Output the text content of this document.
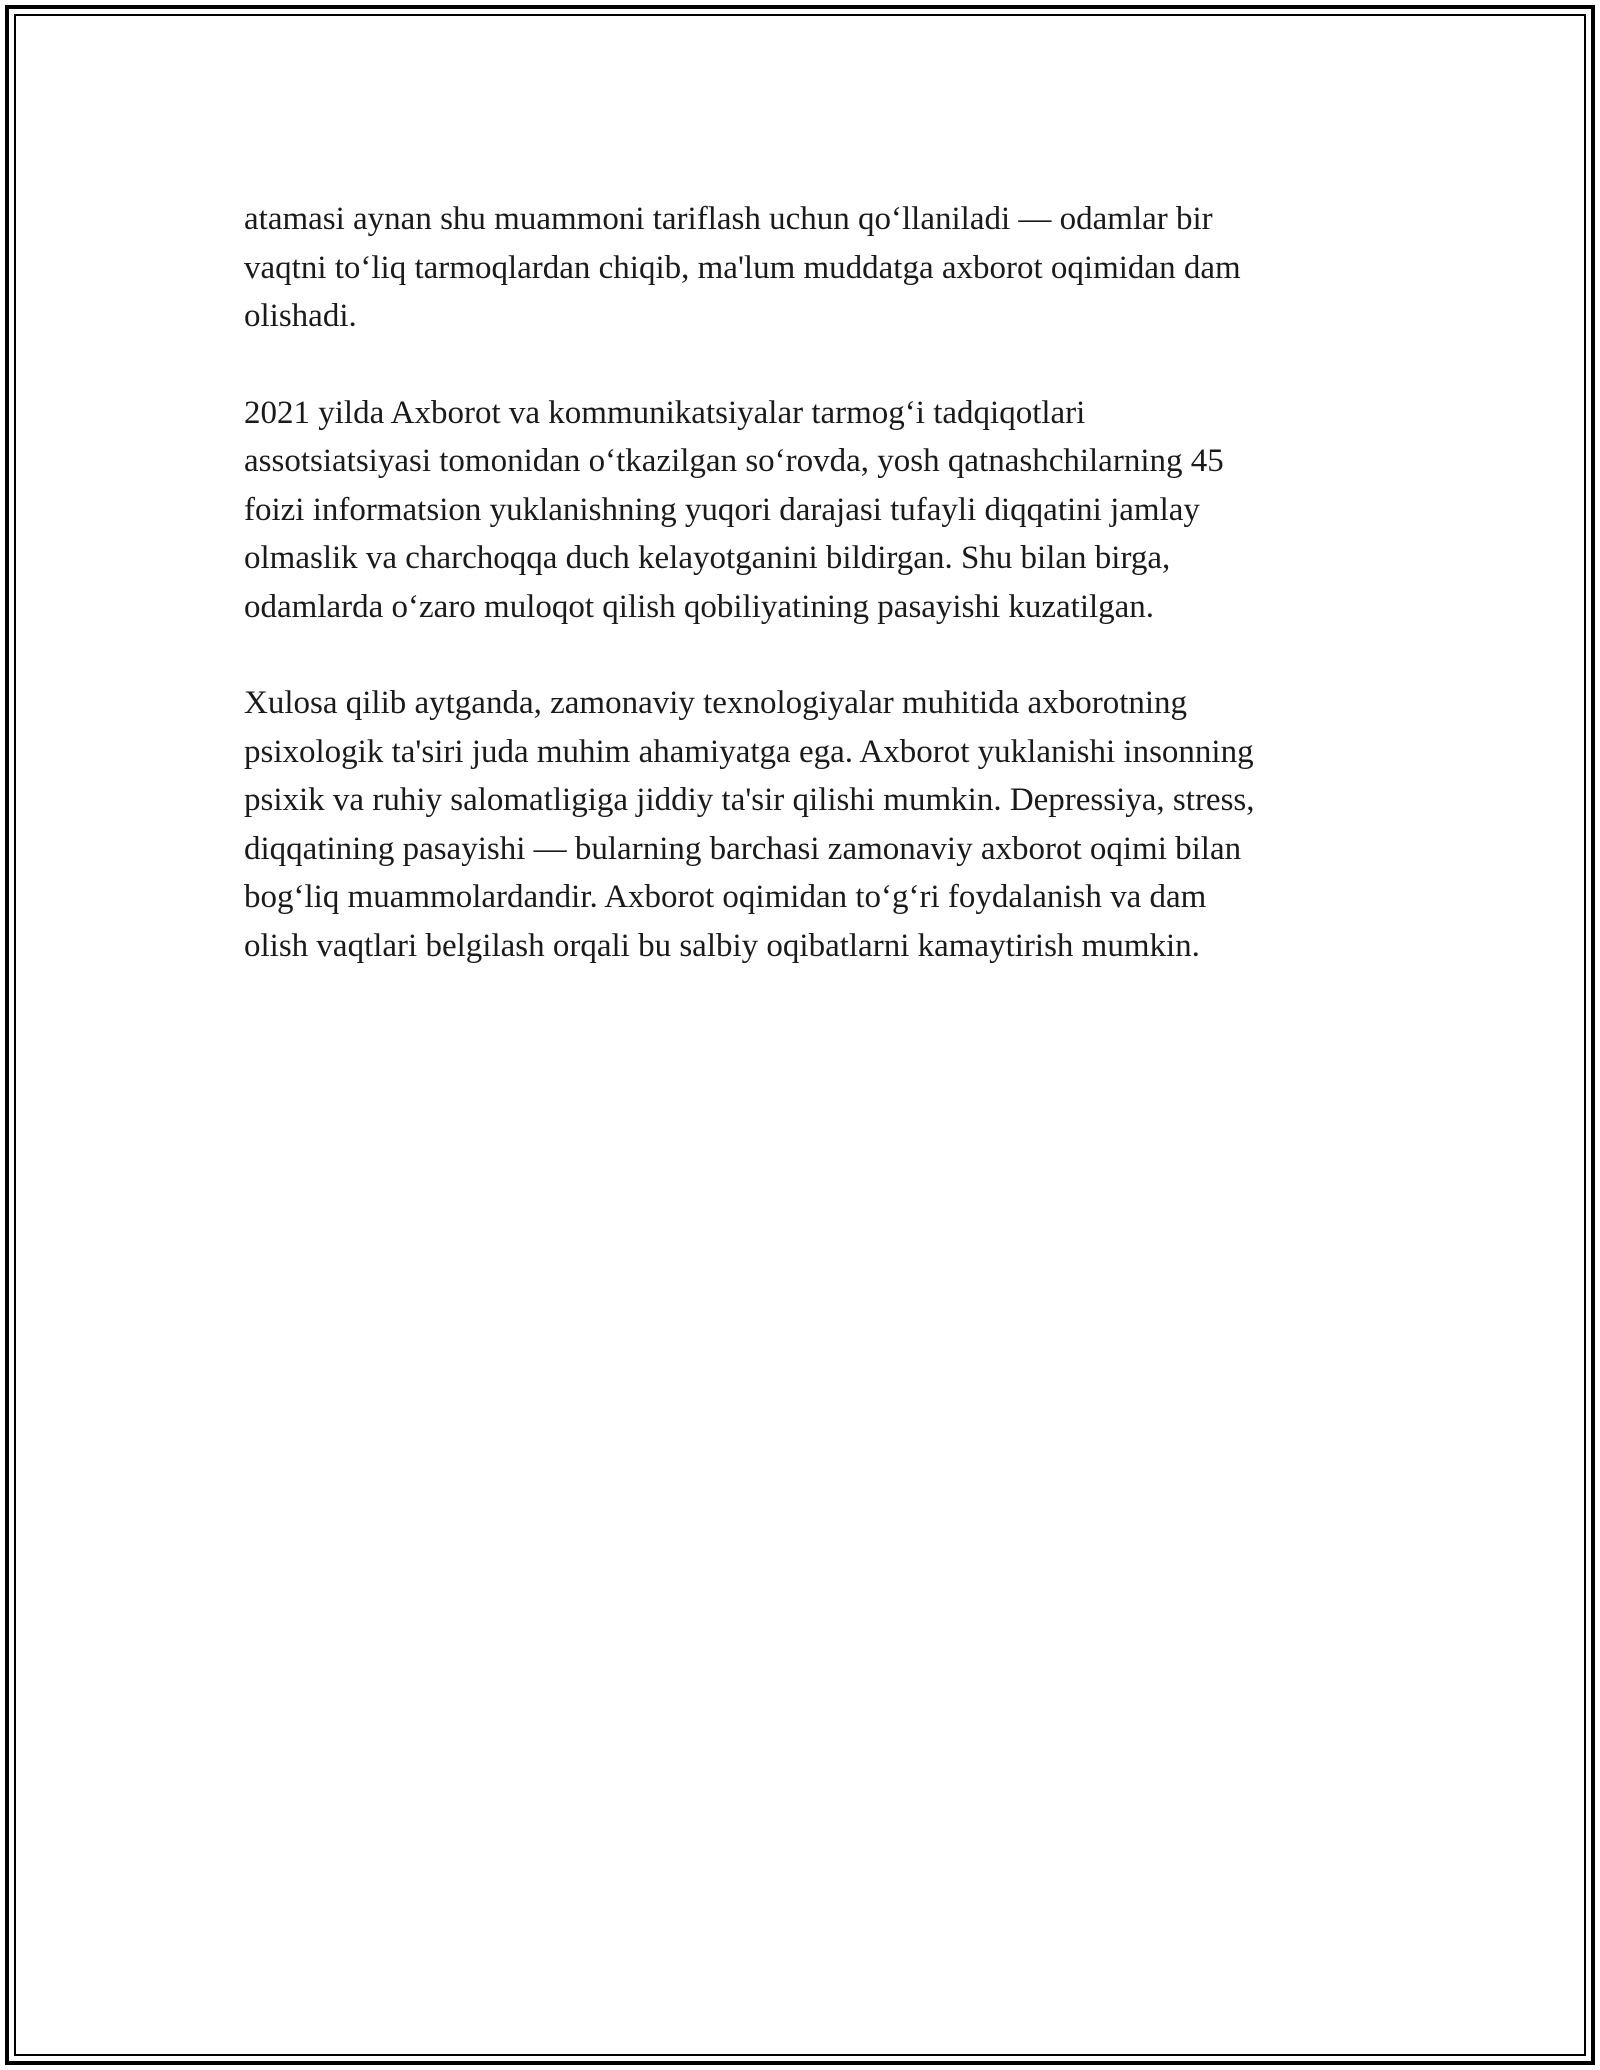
atamasi aynan shu muammoni tariflash uchun qo‘llaniladi — odamlar bir
vaqtni to‘liq tarmoqlardan chiqib, ma'lum muddatga axborot oqimidan dam
olishadi.

2021 yilda Axborot va kommunikatsiyalar tarmog‘i tadqiqotlari
assotsiatsiyasi tomonidan o‘tkazilgan so‘rovda, yosh qatnashchilarning 45
foizi informatsion yuklanishning yuqori darajasi tufayli diqqatini jamlay
olmaslik va charchoqqa duch kelayotganini bildirgan. Shu bilan birga,
odamlarda o‘zaro muloqot qilish qobiliyatining pasayishi kuzatilgan.

Xulosa qilib aytganda, zamonaviy texnologiyalar muhitida axborotning
psixologik ta'siri juda muhim ahamiyatga ega. Axborot yuklanishi insonning
psixik va ruhiy salomatligiga jiddiy ta'sir qilishi mumkin. Depressiya, stress,
diqqatining pasayishi — bularning barchasi zamonaviy axborot oqimi bilan
bog‘liq muammolardandir. Axborot oqimidan to‘g‘ri foydalanish va dam
olish vaqtlari belgilash orqali bu salbiy oqibatlarni kamaytirish mumkin.
